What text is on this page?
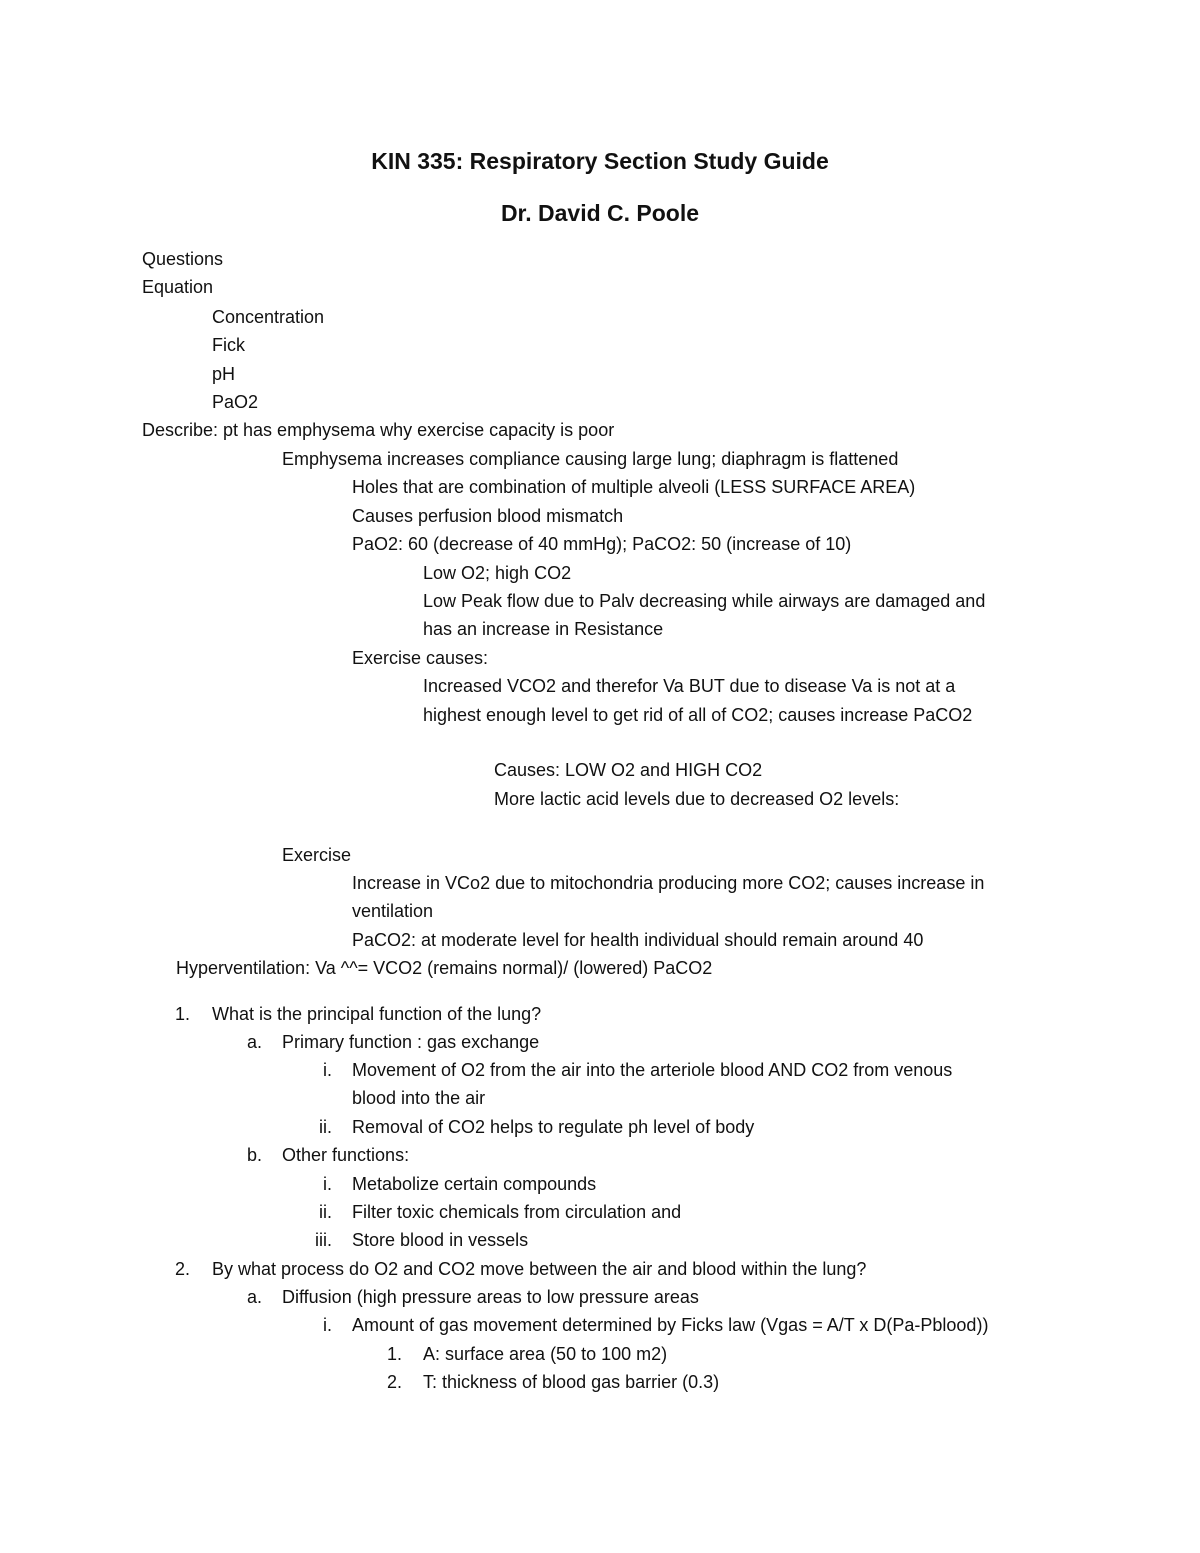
KIN 335: Respiratory Section Study Guide
Dr. David C. Poole
Questions
Equation
Concentration
Fick
pH
PaO2
Describe: pt has emphysema why exercise capacity is poor
Emphysema increases compliance causing large lung; diaphragm is flattened
Holes that are combination of multiple alveoli (LESS SURFACE AREA)
Causes perfusion blood mismatch
PaO2: 60 (decrease of 40 mmHg); PaCO2: 50 (increase of 10)
Low O2; high CO2
Low Peak flow due to Palv decreasing while airways are damaged and
has an increase in Resistance
Exercise causes:
Increased VCO2 and therefor Va BUT due to disease Va is not at a
highest enough level to get rid of all of CO2; causes increase PaCO2
Causes: LOW O2 and HIGH CO2
More lactic acid levels due to decreased O2 levels:
Exercise
Increase in VCo2 due to mitochondria producing more CO2; causes increase in
ventilation
PaCO2: at moderate level for health individual should remain around 40
Hyperventilation: Va ^^= VCO2 (remains normal)/ (lowered) PaCO2
1. What is the principal function of the lung?
a. Primary function : gas exchange
i. Movement of O2 from the air into the arteriole blood AND CO2 from venous
blood into the air
ii. Removal of CO2 helps to regulate ph level of body
b. Other functions:
i. Metabolize certain compounds
ii. Filter toxic chemicals from circulation and
iii. Store blood in vessels
2. By what process do O2 and CO2 move between the air and blood within the lung?
a. Diffusion (high pressure areas to low pressure areas
i. Amount of gas movement determined by Ficks law (Vgas = A/T x D(Pa-Pblood))
1. A: surface area (50 to 100 m2)
2. T: thickness of blood gas barrier (0.3)
